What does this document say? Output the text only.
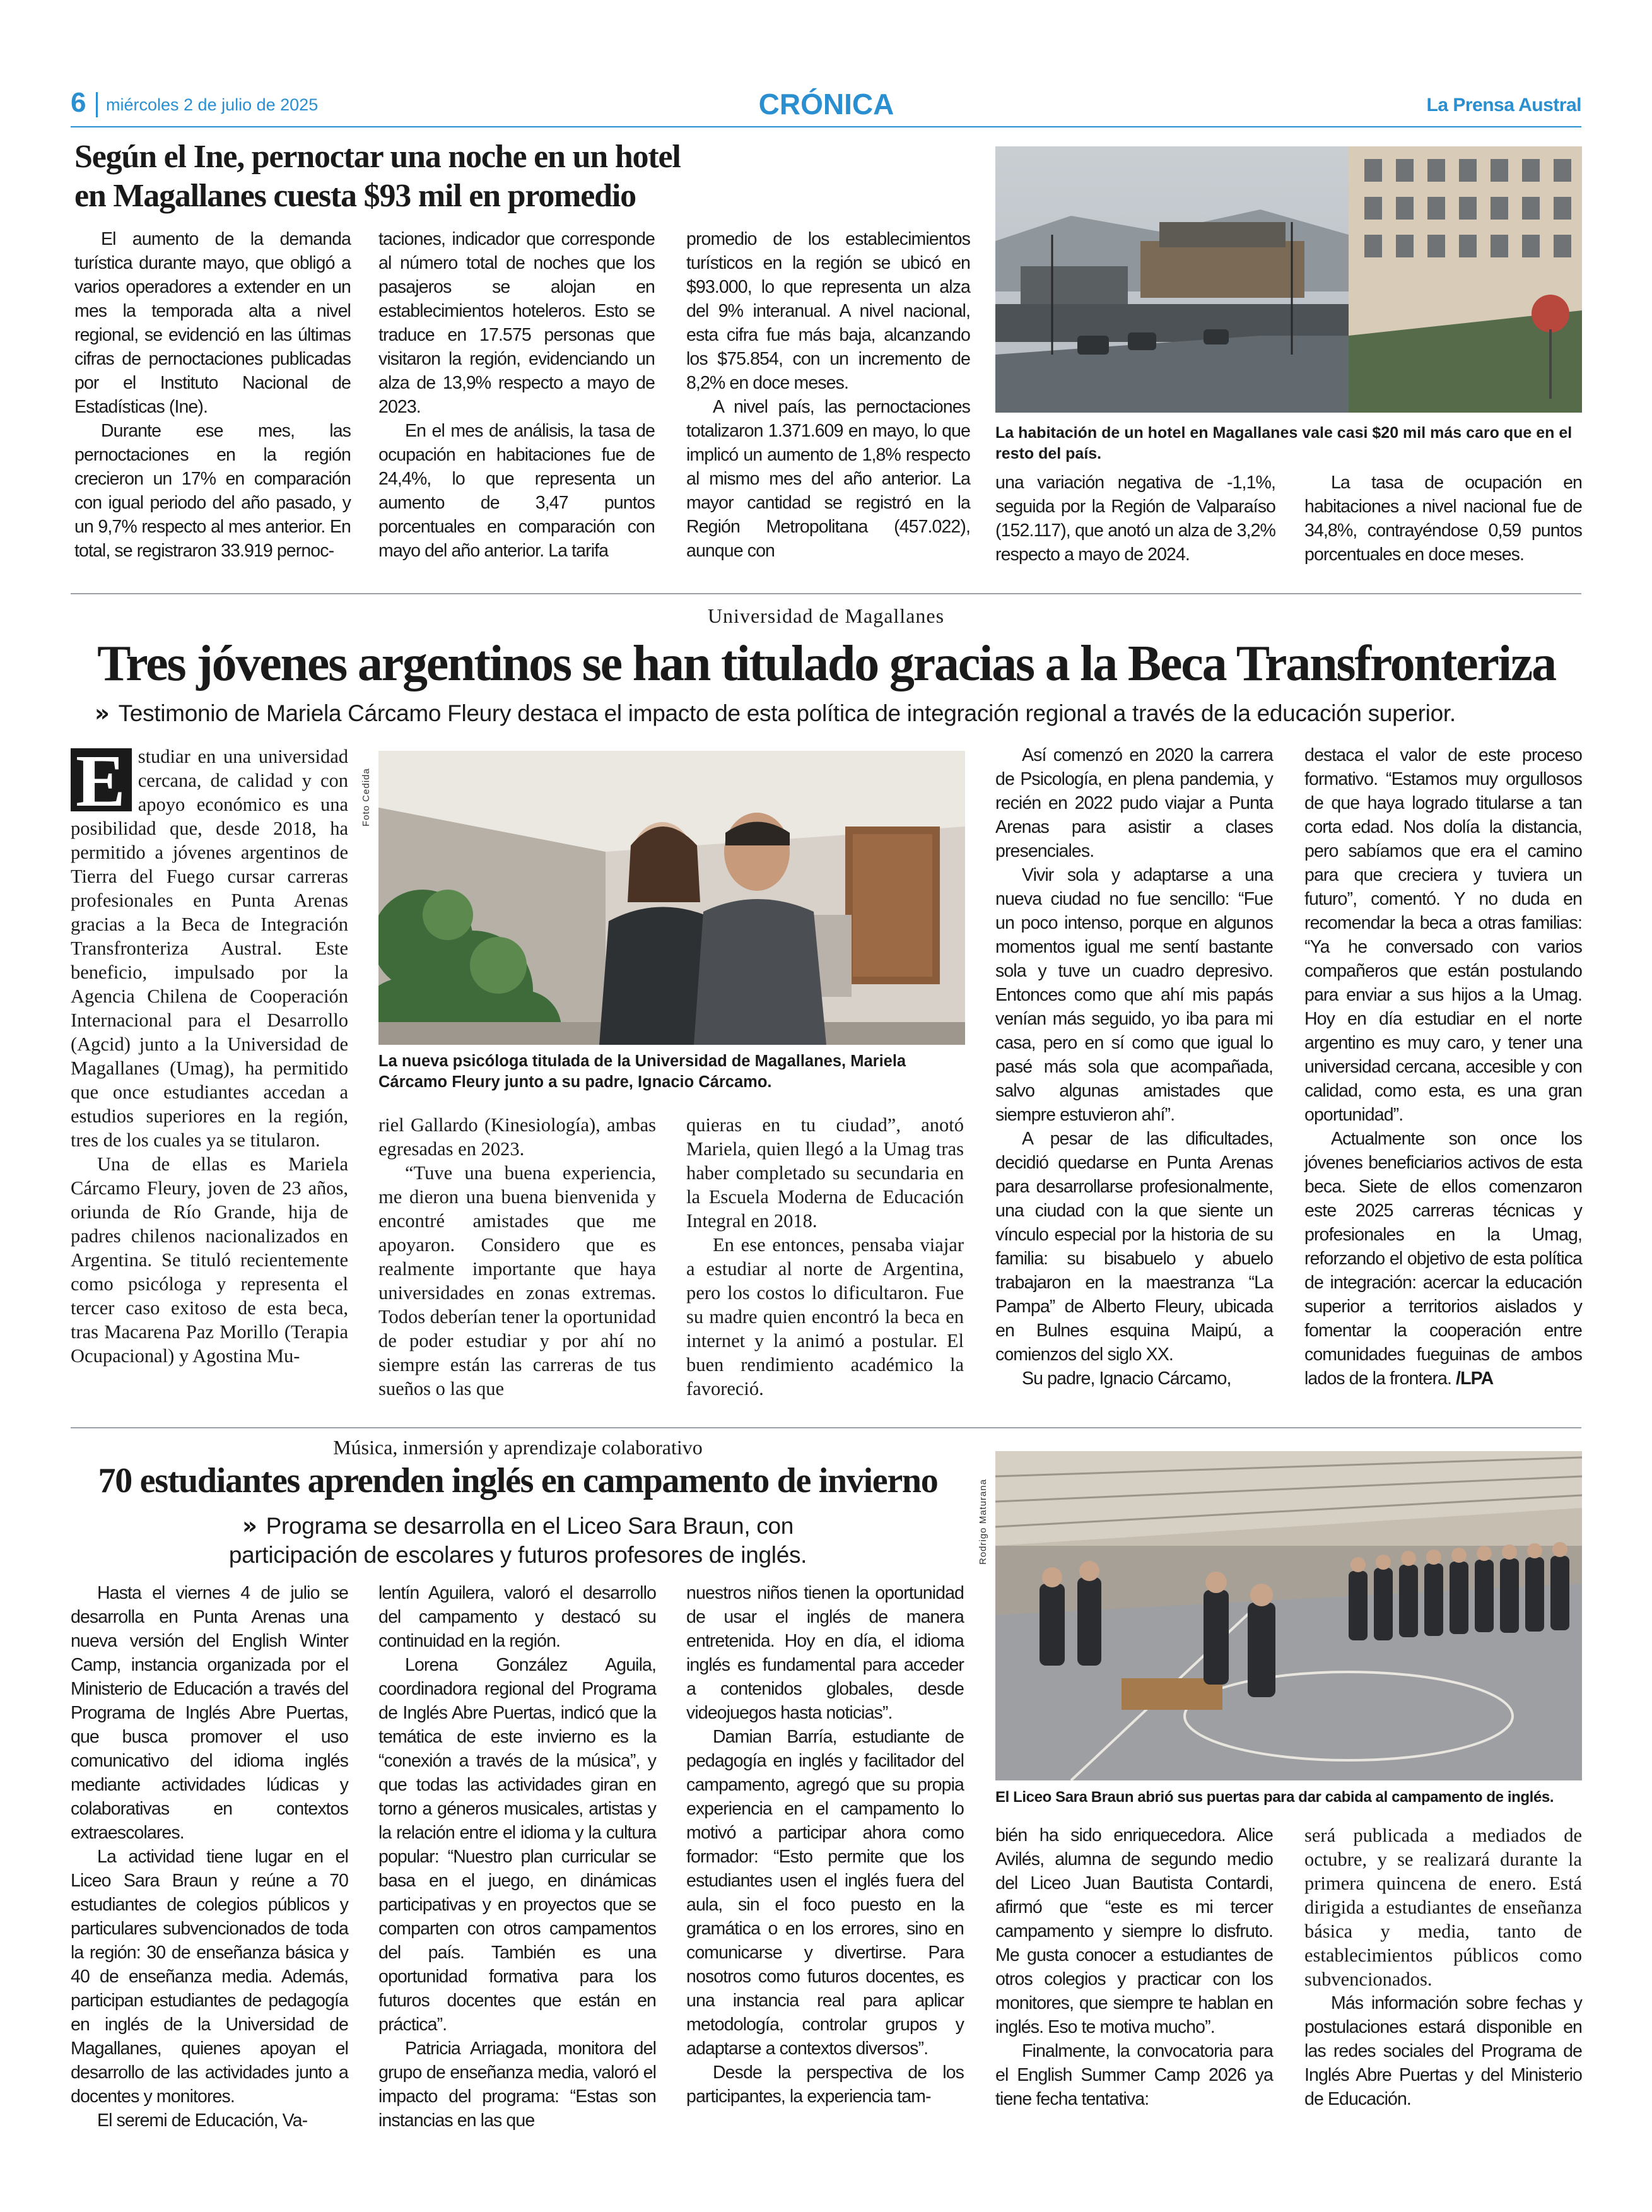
6 miércoles 2 de julio de 2025	CRÓNICA	La Prensa Austral
Según el Ine, pernoctar una noche en un hotel
en Magallanes cuesta $93 mil en promedio

El aumento de la demanda turística durante mayo, que obligó a varios operadores a extender en un mes la temporada alta a nivel regional, se evidenció en las últimas cifras de pernoctaciones publicadas por el Instituto Nacional de Estadísticas (Ine).

Durante ese mes, las pernoctaciones en la región crecieron un 17% en comparación con igual periodo del año pasado, y un 9,7% respecto al mes anterior. En total, se registraron 33.919 pernoc-

taciones, indicador que corresponde al número total de noches que los pasajeros se alojan en establecimientos hoteleros. Esto se traduce en 17.575 personas que visitaron la región, evidenciando un alza de 13,9% respecto a mayo de 2023.

En el mes de análisis, la tasa de ocupación en habitaciones fue de 24,4%, lo que representa un aumento de 3,47 puntos porcentuales en comparación con mayo del año anterior. La tarifa

promedio de los establecimientos turísticos en la región se ubicó en $93.000, lo que representa un alza del 9% interanual. A nivel nacional, esta cifra fue más baja, alcanzando los $75.854, con un incremento de 8,2% en doce meses.

A nivel país, las pernoctaciones totalizaron 1.371.609 en mayo, lo que implicó un aumento de 1,8% respecto al mismo mes del año anterior. La mayor cantidad se registró en la Región Metropolitana (457.022), aunque con

La habitación de un hotel en Magallanes vale casi $20 mil más caro que en el resto del país.

una variación negativa de -1,1%, seguida por la Región de Valparaíso (152.117), que anotó un alza de 3,2% respecto a mayo de 2024.

La tasa de ocupación en habitaciones a nivel nacional fue de 34,8%, contrayéndose 0,59 puntos porcentuales en doce meses.

Universidad de Magallanes
Tres jóvenes argentinos se han titulado gracias a la Beca Transfronteriza
» Testimonio de Mariela Cárcamo Fleury destaca el impacto de esta política de integración regional a través de la educación superior.
E studiar en una universidad cercana, de calidad y con apoyo económico es una posibilidad que, desde 2018, ha permitido a jóvenes argentinos de Tierra del Fuego cursar carreras profesionales en Punta Arenas gracias a la Beca de Integración Transfronteriza Austral. Este beneficio, impulsado por la Agencia Chilena de Cooperación Internacional para el Desarrollo (Agcid) junto a la Universidad de Magallanes (Umag), ha permitido que once estudiantes accedan a estudios superiores en la región, tres de los cuales ya se titularon.

Una de ellas es Mariela Cárcamo Fleury, joven de 23 años, oriunda de Río Grande, hija de padres chilenos nacionalizados en Argentina. Se tituló recientemente como psicóloga y representa el tercer caso exitoso de esta beca, tras Macarena Paz Morillo (Terapia Ocupacional) y Agostina Mu-

Foto Cedida
La nueva psicóloga titulada de la Universidad de Magallanes, Mariela Cárcamo Fleury junto a su padre, Ignacio Cárcamo.

riel Gallardo (Kinesiología), ambas egresadas en 2023.

“Tuve una buena experiencia, me dieron una buena bienvenida y encontré amistades que me apoyaron. Considero que es realmente importante que haya universidades en zonas extremas. Todos deberían tener la oportunidad de poder estudiar y por ahí no siempre están las carreras de tus sueños o las que

quieras en tu ciudad”, anotó Mariela, quien llegó a la Umag tras haber completado su secundaria en la Escuela Moderna de Educación Integral en 2018.

En ese entonces, pensaba viajar a estudiar al norte de Argentina, pero los costos lo dificultaron. Fue su madre quien encontró la beca en internet y la animó a postular. El buen rendimiento académico la favoreció.

Así comenzó en 2020 la carrera de Psicología, en plena pandemia, y recién en 2022 pudo viajar a Punta Arenas para asistir a clases presenciales.

Vivir sola y adaptarse a una nueva ciudad no fue sencillo: “Fue un poco intenso, porque en algunos momentos igual me sentí bastante sola y tuve un cuadro depresivo. Entonces como que ahí mis papás venían más seguido, yo iba para mi casa, pero en sí como que igual lo pasé más sola que acompañada, salvo algunas amistades que siempre estuvieron ahí”.

A pesar de las dificultades, decidió quedarse en Punta Arenas para desarrollarse profesionalmente, una ciudad con la que siente un vínculo especial por la historia de su familia: su bisabuelo y abuelo trabajaron en la maestranza “La Pampa” de Alberto Fleury, ubicada en Bulnes esquina Maipú, a comienzos del siglo XX.

Su padre, Ignacio Cárcamo,

destaca el valor de este proceso formativo. “Estamos muy orgullosos de que haya logrado titularse a tan corta edad. Nos dolía la distancia, pero sabíamos que era el camino para que creciera y tuviera un futuro”, comentó. Y no duda en recomendar la beca a otras familias: “Ya he conversado con varios compañeros que están postulando para enviar a sus hijos a la Umag. Hoy en día estudiar en el norte argentino es muy caro, y tener una universidad cercana, accesible y con calidad, como esta, es una gran oportunidad”.

Actualmente son once los jóvenes beneficiarios activos de esta beca. Siete de ellos comenzaron este 2025 carreras técnicas y profesionales en la Umag, reforzando el objetivo de esta política de integración: acercar la educación superior a territorios aislados y fomentar la cooperación entre comunidades fueguinas de ambos lados de la frontera. /LPA

Música, inmersión y aprendizaje colaborativo
70 estudiantes aprenden inglés en campamento de invierno
» Programa se desarrolla en el Liceo Sara Braun, con
participación de escolares y futuros profesores de inglés.

Hasta el viernes 4 de julio se desarrolla en Punta Arenas una nueva versión del English Winter Camp, instancia organizada por el Ministerio de Educación a través del Programa de Inglés Abre Puertas, que busca promover el uso comunicativo del idioma inglés mediante actividades lúdicas y colaborativas en contextos extraescolares.

La actividad tiene lugar en el Liceo Sara Braun y reúne a 70 estudiantes de colegios públicos y particulares subvencionados de toda la región: 30 de enseñanza básica y 40 de enseñanza media. Además, participan estudiantes de pedagogía en inglés de la Universidad de Magallanes, quienes apoyan el desarrollo de las actividades junto a docentes y monitores.

El seremi de Educación, Va-

lentín Aguilera, valoró el desarrollo del campamento y destacó su continuidad en la región.

Lorena González Aguila, coordinadora regional del Programa de Inglés Abre Puertas, indicó que la temática de este invierno es la “conexión a través de la música”, y que todas las actividades giran en torno a géneros musicales, artistas y la relación entre el idioma y la cultura popular: “Nuestro plan curricular se basa en el juego, en dinámicas participativas y en proyectos que se comparten con otros campamentos del país. También es una oportunidad formativa para los futuros docentes que están en práctica”.

Patricia Arriagada, monitora del grupo de enseñanza media, valoró el impacto del programa: “Estas son instancias en las que

nuestros niños tienen la oportunidad de usar el inglés de manera entretenida. Hoy en día, el idioma inglés es fundamental para acceder a contenidos globales, desde videojuegos hasta noticias”.

Damian Barría, estudiante de pedagogía en inglés y facilitador del campamento, agregó que su propia experiencia en el campamento lo motivó a participar ahora como formador: “Esto permite que los estudiantes usen el inglés fuera del aula, sin el foco puesto en la gramática o en los errores, sino en comunicarse y divertirse. Para nosotros como futuros docentes, es una instancia real para aplicar metodología, controlar grupos y adaptarse a contextos diversos”.

Desde la perspectiva de los participantes, la experiencia tam-

Rodrigo Maturana
El Liceo Sara Braun abrió sus puertas para dar cabida al campamento de inglés.

bién ha sido enriquecedora. Alice Avilés, alumna de segundo medio del Liceo Juan Bautista Contardi, afirmó que “este es mi tercer campamento y siempre lo disfruto. Me gusta conocer a estudiantes de otros colegios y practicar con los monitores, que siempre te hablan en inglés. Eso te motiva mucho”.

Finalmente, la convocatoria para el English Summer Camp 2026 ya tiene fecha tentativa:

será publicada a mediados de octubre, y se realizará durante la primera quincena de enero. Está dirigida a estudiantes de enseñanza básica y media, tanto de establecimientos públicos como subvencionados.

Más información sobre fechas y postulaciones estará disponible en las redes sociales del Programa de Inglés Abre Puertas y del Ministerio de Educación.
